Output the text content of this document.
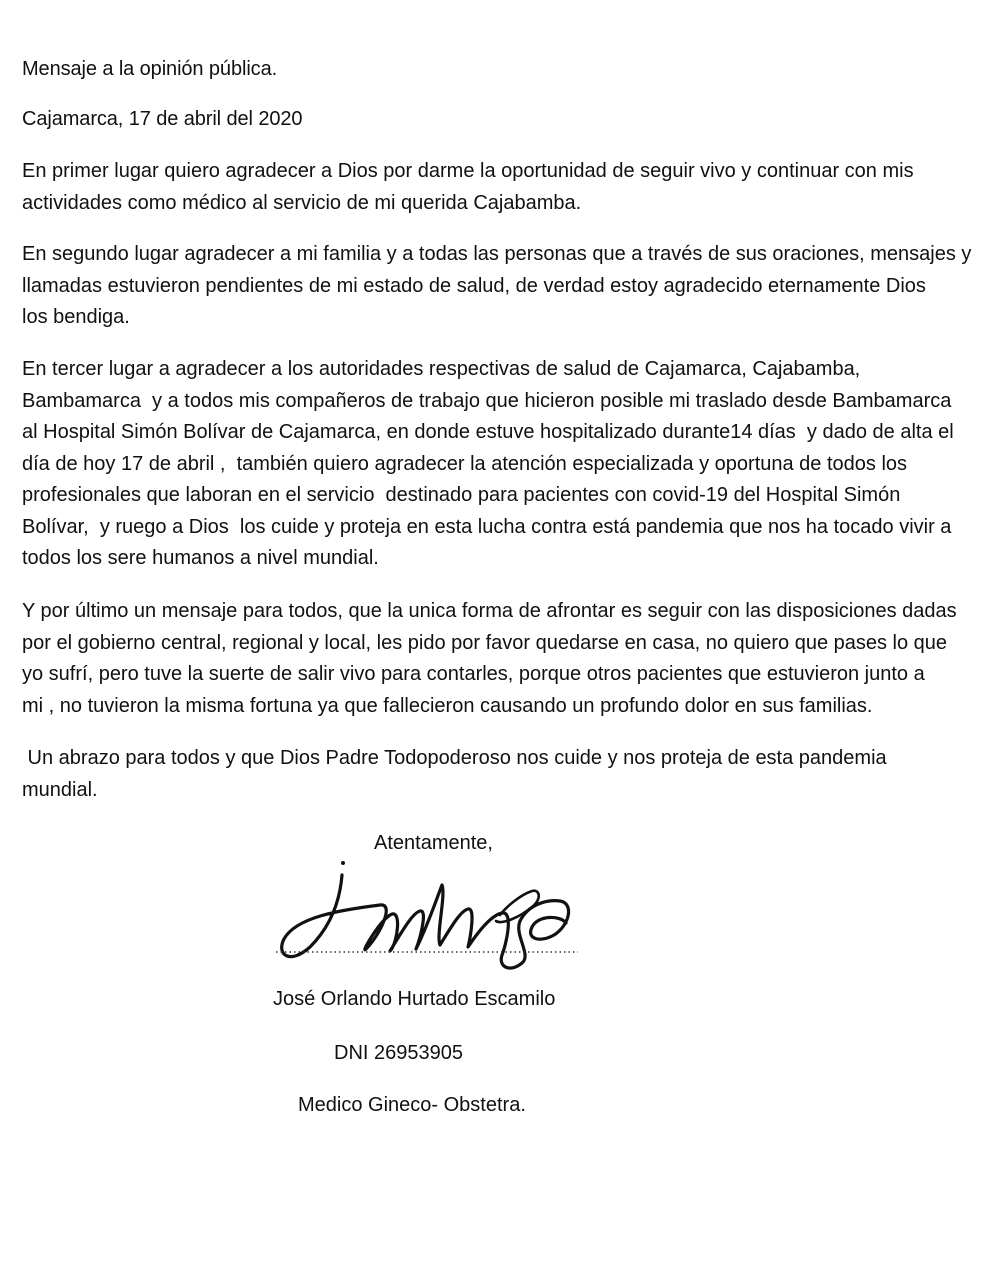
Mensaje a la opinión pública.

Cajamarca, 17 de abril del 2020

En primer lugar quiero agradecer a Dios por darme la oportunidad de seguir vivo y continuar con mis
actividades como médico al servicio de mi querida Cajabamba.
En segundo lugar agradecer a mi familia y a todas las personas que a través de sus oraciones, mensajes y
llamadas estuvieron pendientes de mi estado de salud, de verdad estoy agradecido eternamente Dios
los bendiga.
En tercer lugar a agradecer a los autoridades respectivas de salud de Cajamarca, Cajabamba,
Bambamarca  y a todos mis compañeros de trabajo que hicieron posible mi traslado desde Bambamarca
al Hospital Simón Bolívar de Cajamarca, en donde estuve hospitalizado durante14 días  y dado de alta el
día de hoy 17 de abril ,  también quiero agradecer la atención especializada y oportuna de todos los
profesionales que laboran en el servicio  destinado para pacientes con covid-19 del Hospital Simón
Bolívar,  y ruego a Dios  los cuide y proteja en esta lucha contra está pandemia que nos ha tocado vivir a
todos los sere humanos a nivel mundial.
Y por último un mensaje para todos, que la unica forma de afrontar es seguir con las disposiciones dadas
por el gobierno central, regional y local, les pido por favor quedarse en casa, no quiero que pases lo que
yo sufrí, pero tuve la suerte de salir vivo para contarles, porque otros pacientes que estuvieron junto a
mi , no tuvieron la misma fortuna ya que fallecieron causando un profundo dolor en sus familias.
Un abrazo para todos y que Dios Padre Todopoderoso nos cuide y nos proteja de esta pandemia
mundial.
Atentamente,
José Orlando Hurtado Escamilo
DNI 26953905
Medico Gineco- Obstetra.
